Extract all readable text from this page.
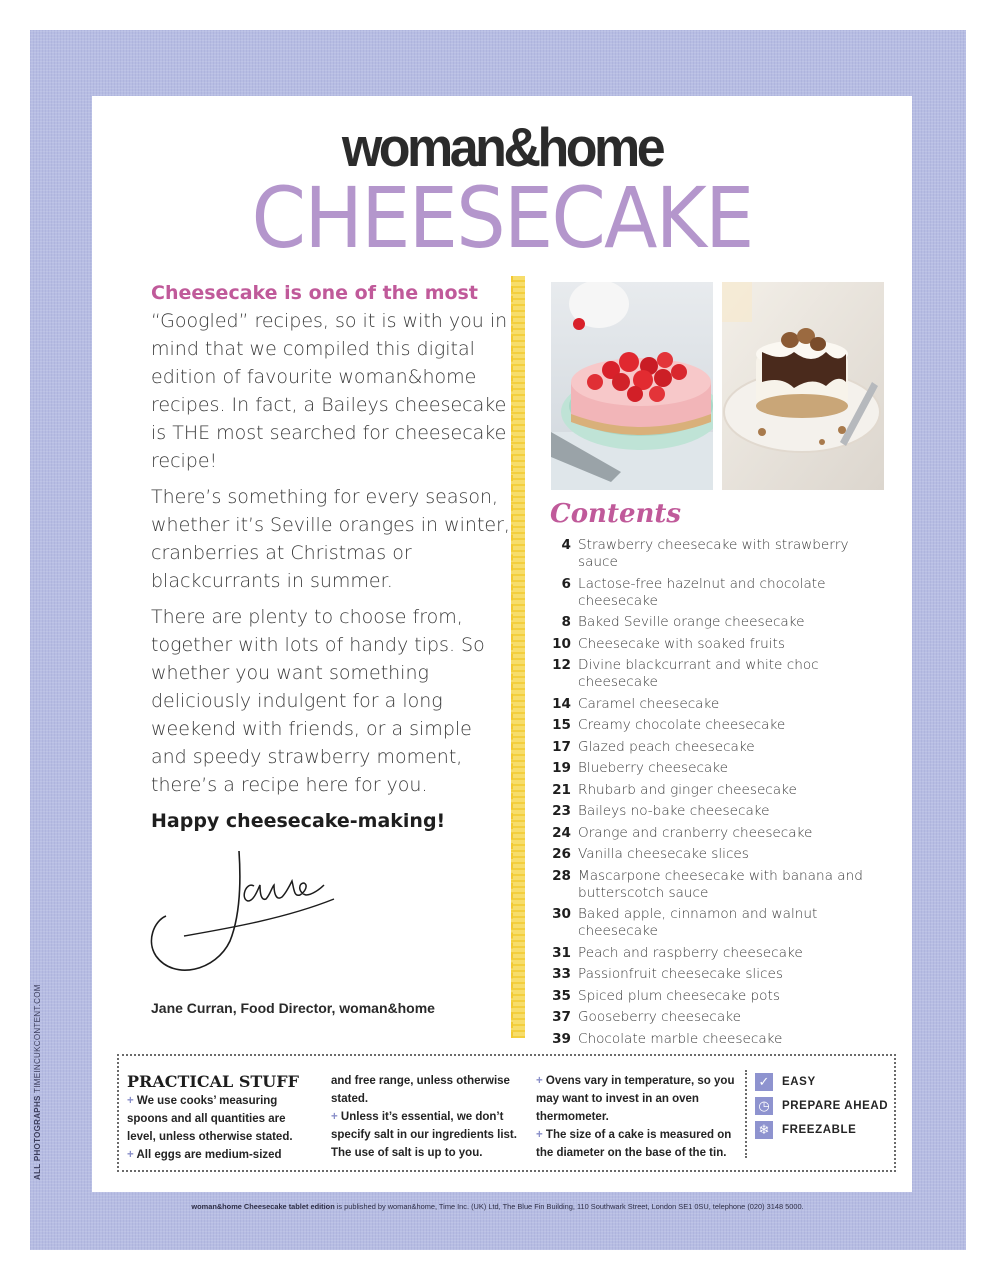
ALL PHOTOGRAPHS TIMEINCUKCONTENT.COM
woman&home
CHEESECAKE

Cheesecake is one of the most
“Googled” recipes, so it is with you in mind that we compiled this digital edition of favourite woman&home recipes. In fact, a Baileys cheesecake is THE most searched for cheesecake recipe!

There’s something for every season, whether it’s Seville oranges in winter, cranberries at Christmas or blackcurrants in summer.

There are plenty to choose from, together with lots of handy tips. So whether you want something deliciously indulgent for a long weekend with friends, or a simple and speedy strawberry moment, there’s a recipe here for you.

Happy cheesecake-making!

Jane
Jane Curran, Food Director, woman&home
Contents
4 Strawberry cheesecake with strawberry sauce
6 Lactose-free hazelnut and chocolate cheesecake
8 Baked Seville orange cheesecake
10 Cheesecake with soaked fruits
12 Divine blackcurrant and white choc cheesecake
14 Caramel cheesecake
15 Creamy chocolate cheesecake
17 Glazed peach cheesecake
19 Blueberry cheesecake
21 Rhubarb and ginger cheesecake
23 Baileys no-bake cheesecake
24 Orange and cranberry cheesecake
26 Vanilla cheesecake slices
28 Mascarpone cheesecake with banana and butterscotch sauce
30 Baked apple, cinnamon and walnut cheesecake
31 Peach and raspberry cheesecake
33 Passionfruit cheesecake slices
35 Spiced plum cheesecake pots
37 Gooseberry cheesecake
39 Chocolate marble cheesecake
PRACTICAL STUFF
+ We use cooks’ measuring spoons and all quantities are level, unless otherwise stated.
+ All eggs are medium-sized
and free range, unless otherwise stated.
+ Unless it’s essential, we don’t specify salt in our ingredients list. The use of salt is up to you.
+ Ovens vary in temperature, so you may want to invest in an oven thermometer.
+ The size of a cake is measured on the diameter on the base of the tin.
✓	EASY
◷ PREPARE AHEAD
❄	FREEZABLE
woman&home Cheesecake tablet edition is published by woman&home, Time Inc. (UK) Ltd, The Blue Fin Building, 110 Southwark Street, London SE1 0SU, telephone (020) 3148 5000.
